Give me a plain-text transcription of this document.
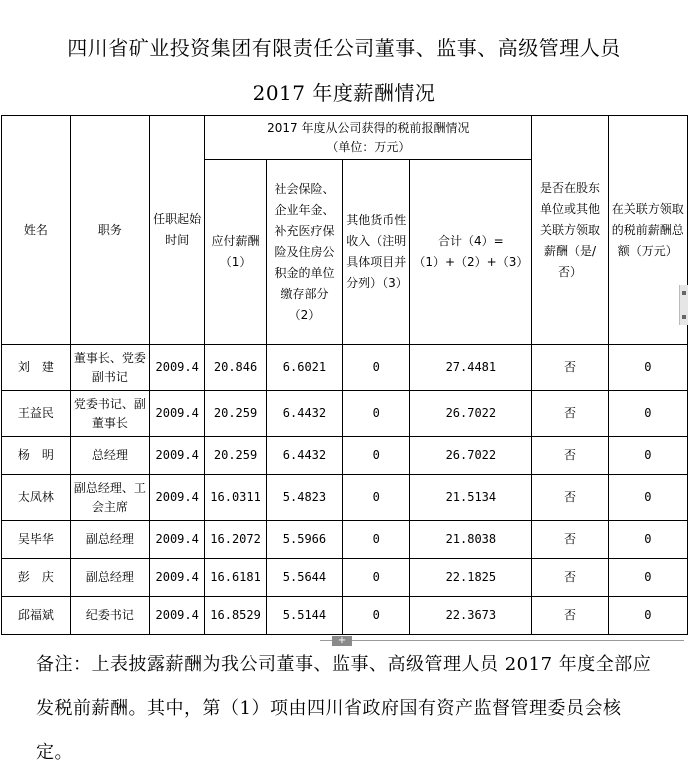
四川省矿业投资集团有限责任公司董事、监事、高级管理人员
2017 年度薪酬情况
姓名	职务	任职起始时间	2017 年度从公司获得的税前报酬情况
（单位：万元）				是否在股东单位或其他关联方领取薪酬（是/否）	在关联方领取的税前薪酬总额（万元）
			应付薪酬（1）	社会保险、企业年金、补充医疗保险及住房公积金的单位缴存部分（2）	其他货币性收入（注明具体项目并分列）（3）	合计（4）=（1）+（2）+（3）		
刘　建	董事长、党委副书记	2009.4	20.846	6.6021	0	27.4481	否	0
王益民	党委书记、副董事长	2009.4	20.259	6.4432	0	26.7022	否	0
杨　明	总经理	2009.4	20.259	6.4432	0	26.7022	否	0
太凤林	副总经理、工会主席	2009.4	16.0311	5.4823	0	21.5134	否	0
吴毕华	副总经理	2009.4	16.2072	5.5966	0	21.8038	否	0
彭　庆	副总经理	2009.4	16.6181	5.5644	0	22.1825	否	0
邱福斌	纪委书记	2009.4	16.8529	5.5144	0	22.3673	否	0
+
备注：上表披露薪酬为我公司董事、监事、高级管理人员 2017 年度全部应发税前薪酬。其中，第（1）项由四川省政府国有资产监督管理委员会核定。
